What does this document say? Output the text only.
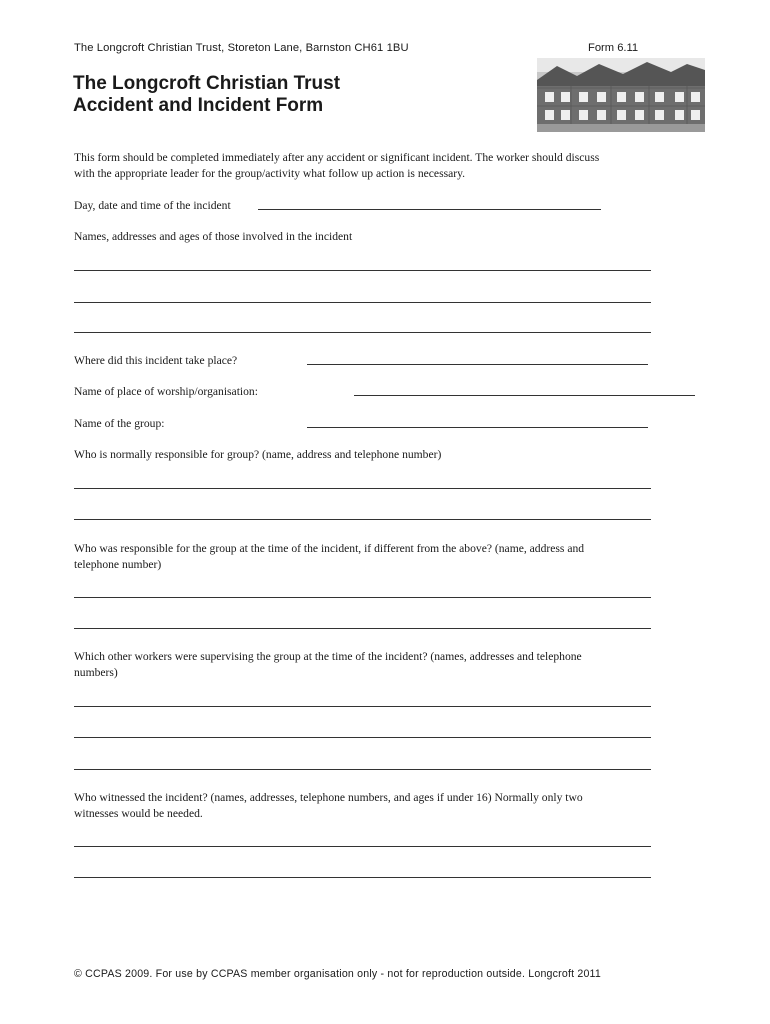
The Longcroft Christian Trust, Storeton Lane, Barnston CH61 1BU	Form 6.11
The Longcroft Christian Trust
Accident and Incident Form
This form should be completed immediately after any accident or significant incident. The worker should discuss
with the appropriate leader for the group/activity what follow up action is necessary.
Day, date and time of the incident
Names, addresses and ages of those involved in the incident
Where did this incident take place?
Name of place of worship/organisation:
Name of the group:
Who is normally responsible for group? (name, address and telephone number)
Who was responsible for the group at the time of the incident, if different from the above? (name, address and
telephone number)
Which other workers were supervising the group at the time of the incident? (names, addresses and telephone
numbers)
Who witnessed the incident? (names, addresses, telephone numbers, and ages if under 16) Normally only two
witnesses would be needed.
© CCPAS 2009. For use by CCPAS member organisation only - not for reproduction outside. Longcroft 2011
